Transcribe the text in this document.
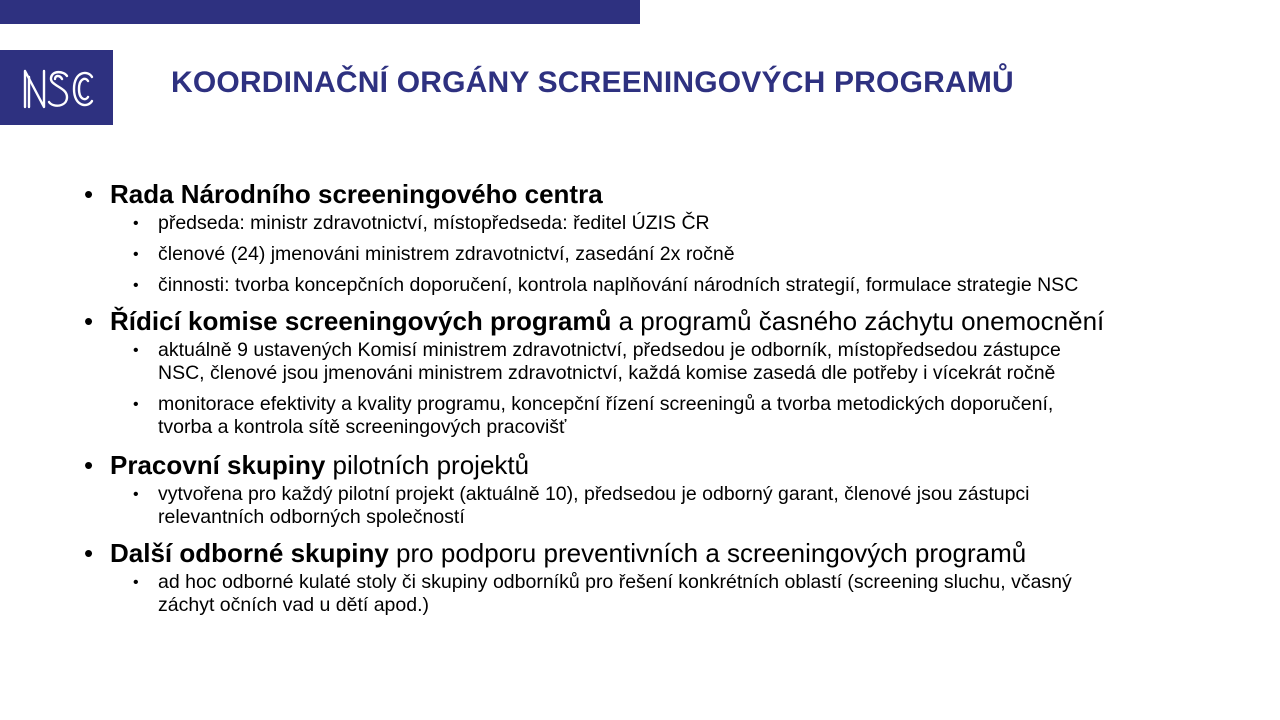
KOORDINAČNÍ ORGÁNY SCREENINGOVÝCH PROGRAMŮ
• Rada Národního screeningového centra
• předseda: ministr zdravotnictví, místopředseda: ředitel ÚZIS ČR
• členové (24) jmenováni ministrem zdravotnictví, zasedání 2x ročně
• činnosti: tvorba koncepčních doporučení, kontrola naplňování národních strategií, formulace strategie NSC
• Řídicí komise screeningových programů a programů časného záchytu onemocnění
• aktuálně 9 ustavených Komisí ministrem zdravotnictví, předsedou je odborník, místopředsedou zástupce
NSC, členové jsou jmenováni ministrem zdravotnictví, každá komise zasedá dle potřeby i vícekrát ročně
• monitorace efektivity a kvality programu, koncepční řízení screeningů a tvorba metodických doporučení,
tvorba a kontrola sítě screeningových pracovišť
• Pracovní skupiny pilotních projektů
• vytvořena pro každý pilotní projekt (aktuálně 10), předsedou je odborný garant, členové jsou zástupci
relevantních odborných společností
• Další odborné skupiny pro podporu preventivních a screeningových programů
• ad hoc odborné kulaté stoly či skupiny odborníků pro řešení konkrétních oblastí (screening sluchu, včasný
záchyt očních vad u dětí apod.)
